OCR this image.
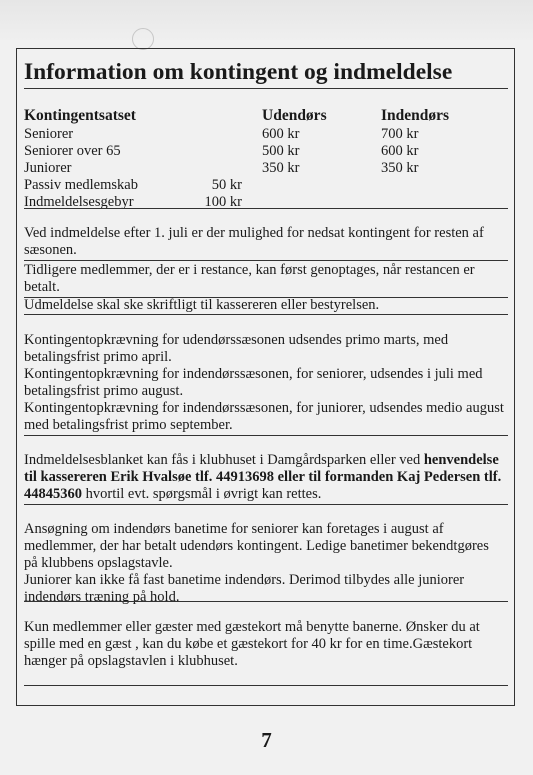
Information om kontingent og indmeldelse
Kontingentsatset	Udendørs	Indendørs
Seniorer	600 kr	700 kr
Seniorer over 65	500 kr	600 kr
Juniorer	350 kr	350 kr
Passiv medlemskab	50 kr
Indmeldelsesgebyr	100 kr
Ved indmeldelse efter 1. juli er der mulighed for nedsat kontingent for resten af sæsonen.
Tidligere medlemmer, der er i restance, kan først genoptages, når restancen er betalt.
Udmeldelse skal ske skriftligt til kassereren eller bestyrelsen.
Kontingentopkrævning for udendørssæsonen udsendes primo marts, med betalingsfrist primo april.
Kontingentopkrævning for indendørssæsonen, for seniorer, udsendes i juli med betalingsfrist primo august.
Kontingentopkrævning for indendørssæsonen, for juniorer, udsendes medio august med betalingsfrist primo september.
Indmeldelsesblanket kan fås i klubhuset i Damgårdsparken eller ved henvendelse til kassereren Erik Hvalsøe tlf. 44913698 eller til formanden Kaj Pedersen tlf. 44845360 hvortil evt. spørgsmål i øvrigt kan rettes.
Ansøgning om indendørs banetime for seniorer kan foretages i august af medlemmer, der har betalt udendørs kontingent. Ledige banetimer bekendtgøres på klubbens opslagstavle.
Juniorer kan ikke få fast banetime indendørs. Derimod tilbydes alle juniorer indendørs træning på hold.
Kun medlemmer eller gæster med gæstekort må benytte banerne. Ønsker du at spille med en gæst , kan du købe et gæstekort for 40 kr for en time.Gæstekort hænger på opslagstavlen i klubhuset.
7
